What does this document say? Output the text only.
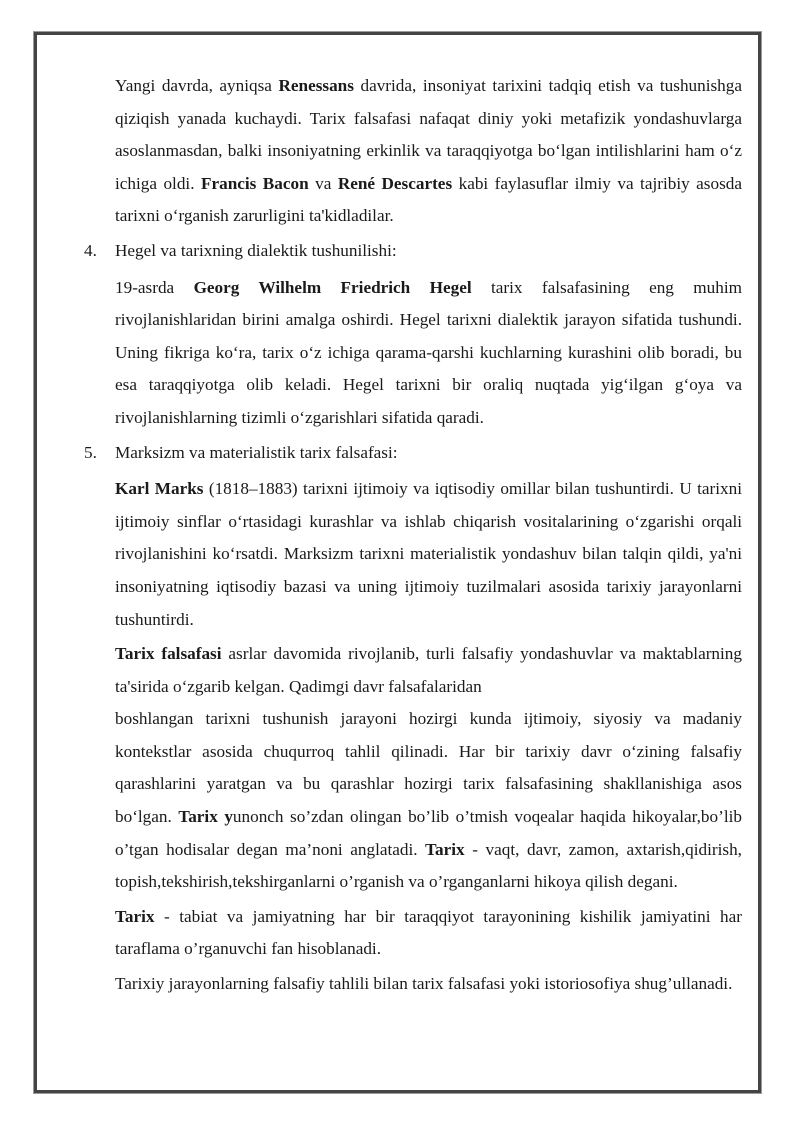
Yangi davrda, ayniqsa Renessans davrida, insoniyat tarixini tadqiq etish va tushunishga qiziqish yanada kuchaydi. Tarix falsafasi nafaqat diniy yoki metafizik yondashuvlarga asoslanmasdan, balki insoniyatning erkinlik va taraqqiyotga bo‘lgan intilishlarini ham o‘z ichiga oldi. Francis Bacon va René Descartes kabi faylasuflar ilmiy va tajribiy asosda tarixni o‘rganish zarurligini ta'kidladilar.

4. Hegel va tarixning dialektik tushunilishi:

19-asrda Georg Wilhelm Friedrich Hegel tarix falsafasining eng muhim rivojlanishlaridan birini amalga oshirdi. Hegel tarixni dialektik jarayon sifatida tushundi. Uning fikriga ko‘ra, tarix o‘z ichiga qarama-qarshi kuchlarning kurashini olib boradi, bu esa taraqqiyotga olib keladi. Hegel tarixni bir oraliq nuqtada yig‘ilgan g‘oya va rivojlanishlarning tizimli o‘zgarishlari sifatida qaradi.

5. Marksizm va materialistik tarix falsafasi:

Karl Marks (1818–1883) tarixni ijtimoiy va iqtisodiy omillar bilan tushuntirdi. U tarixni ijtimoiy sinflar o‘rtasidagi kurashlar va ishlab chiqarish vositalarining o‘zgarishi orqali rivojlanishini ko‘rsatdi. Marksizm tarixni materialistik yondashuv bilan talqin qildi, ya'ni insoniyatning iqtisodiy bazasi va uning ijtimoiy tuzilmalari asosida tarixiy jarayonlarni tushuntirdi.

Tarix falsafasi asrlar davomida rivojlanib, turli falsafiy yondashuvlar va maktablarning ta'sirida o‘zgarib kelgan. Qadimgi davr falsafalaridan

boshlangan tarixni tushunish jarayoni hozirgi kunda ijtimoiy, siyosiy va madaniy kontekstlar asosida chuqurroq tahlil qilinadi. Har bir tarixiy davr o‘zining falsafiy qarashlarini yaratgan va bu qarashlar hozirgi tarix falsafasining shakllanishiga asos bo‘lgan. Tarix yunonch so’zdan olingan bo’lib o’tmish voqealar haqida hikoyalar,bo’lib o’tgan hodisalar degan ma’noni anglatadi. Tarix - vaqt, davr, zamon, axtarish,qidirish, topish,tekshirish,tekshirganlarni o’rganish va o’rganganlarni hikoya qilish degani.

Tarix - tabiat va jamiyatning har bir taraqqiyot tarayonining kishilik jamiyatini har taraflama o’rganuvchi fan hisoblanadi.

Tarixiy jarayonlarning falsafiy tahlili bilan tarix falsafasi yoki istoriosofiya shug’ullanadi.
